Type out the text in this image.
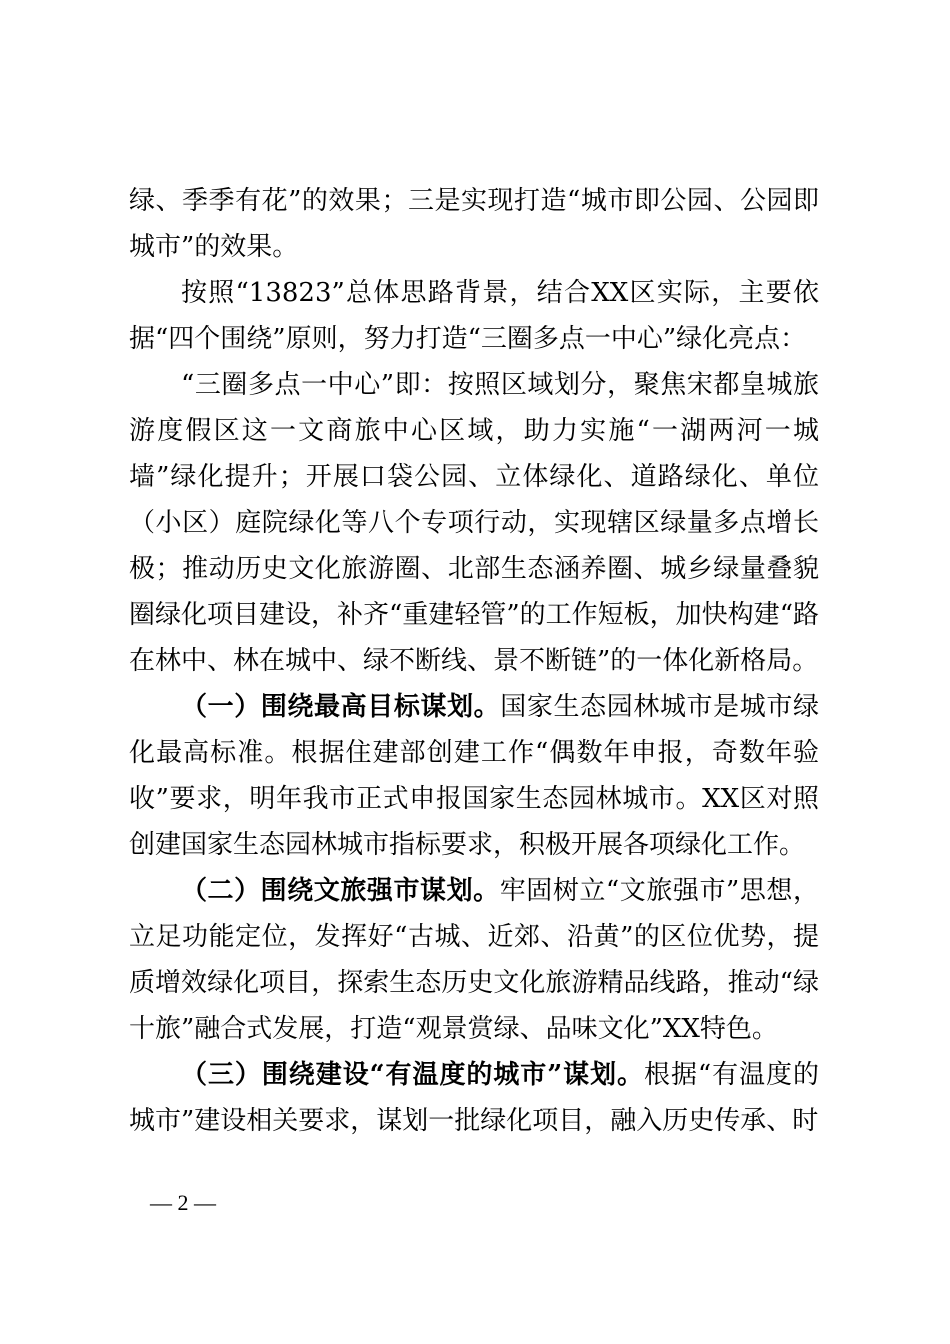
绿、季季有花”的效果；三是实现打造“城市即公园、公园即城市”的效果。

按照“13823”总体思路背景，结合XX区实际，主要依据“四个围绕”原则，努力打造“三圈多点一中心”绿化亮点：

“三圈多点一中心”即：按照区域划分，聚焦宋都皇城旅游度假区这一文商旅中心区域，助力实施“一湖两河一城墙”绿化提升；开展口袋公园、立体绿化、道路绿化、单位（小区）庭院绿化等八个专项行动，实现辖区绿量多点增长极；推动历史文化旅游圈、北部生态涵养圈、城乡绿量叠貌圈绿化项目建设，补齐“重建轻管”的工作短板，加快构建“路在林中、林在城中、绿不断线、景不断链”的一体化新格局。

（一）围绕最高目标谋划。国家生态园林城市是城市绿化最高标准。根据住建部创建工作“偶数年申报，奇数年验收”要求，明年我市正式申报国家生态园林城市。XX区对照创建国家生态园林城市指标要求，积极开展各项绿化工作。

（二）围绕文旅强市谋划。牢固树立“文旅强市”思想，立足功能定位，发挥好“古城、近郊、沿黄”的区位优势，提质增效绿化项目，探索生态历史文化旅游精品线路，推动“绿十旅”融合式发展，打造“观景赏绿、品味文化”XX特色。

（三）围绕建设“有温度的城市”谋划。根据“有温度的城市”建设相关要求，谋划一批绿化项目，融入历史传承、时

— 2 —
